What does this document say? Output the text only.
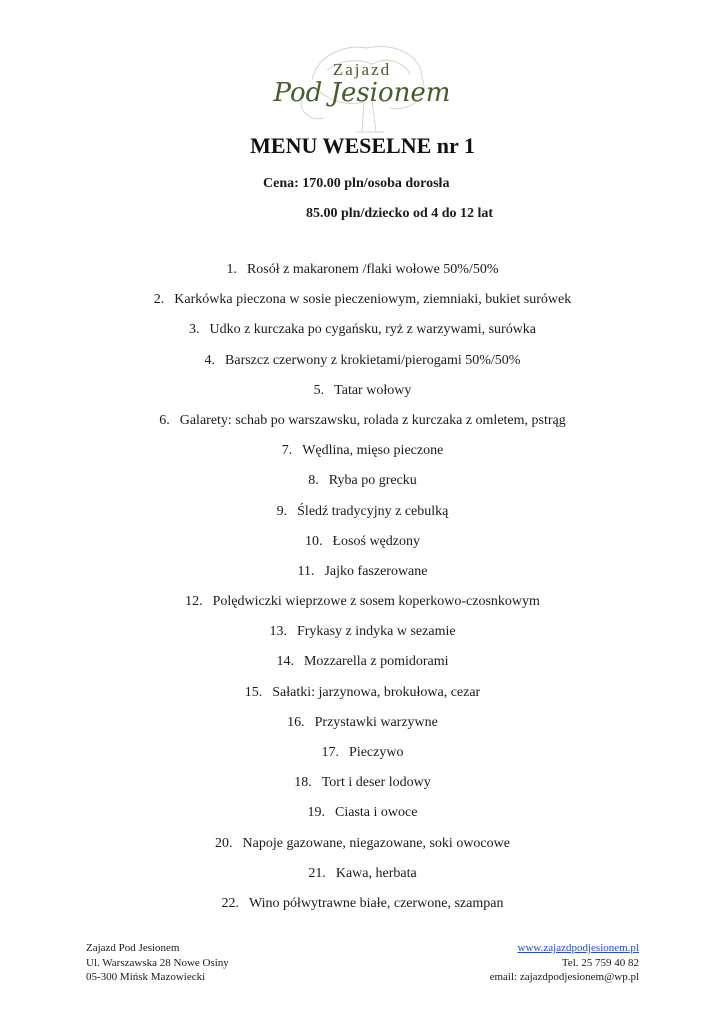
Zajazd
Pod Jesionem
MENU WESELNE nr 1
Cena: 170.00 pln/osoba dorosła
85.00 pln/dziecko od 4 do 12 lat
1. Rosół z makaronem /flaki wołowe 50%/50%
2. Karkówka pieczona w sosie pieczeniowym, ziemniaki, bukiet surówek
3. Udko z kurczaka po cygańsku, ryż z warzywami, surówka
4. Barszcz czerwony z krokietami/pierogami 50%/50%
5. Tatar wołowy
6. Galarety: schab po warszawsku, rolada z kurczaka z omletem, pstrąg
7. Wędlina, mięso pieczone
8. Ryba po grecku
9. Śledź tradycyjny z cebulką
10. Łosoś wędzony
11. Jajko faszerowane
12. Polędwiczki wieprzowe z sosem koperkowo-czosnkowym
13. Frykasy z indyka w sezamie
14. Mozzarella z pomidorami
15. Sałatki: jarzynowa, brokułowa, cezar
16. Przystawki warzywne
17. Pieczywo
18. Tort i deser lodowy
19. Ciasta i owoce
20. Napoje gazowane, niegazowane, soki owocowe
21. Kawa, herbata
22. Wino półwytrawne białe, czerwone, szampan
Zajazd Pod Jesionem
Ul. Warszawska 28 Nowe Osiny
05-300 Mińsk Mazowiecki
www.zajazdpodjesionem.pl
Tel. 25 759 40 82
email: zajazdpodjesionem@wp.pl
